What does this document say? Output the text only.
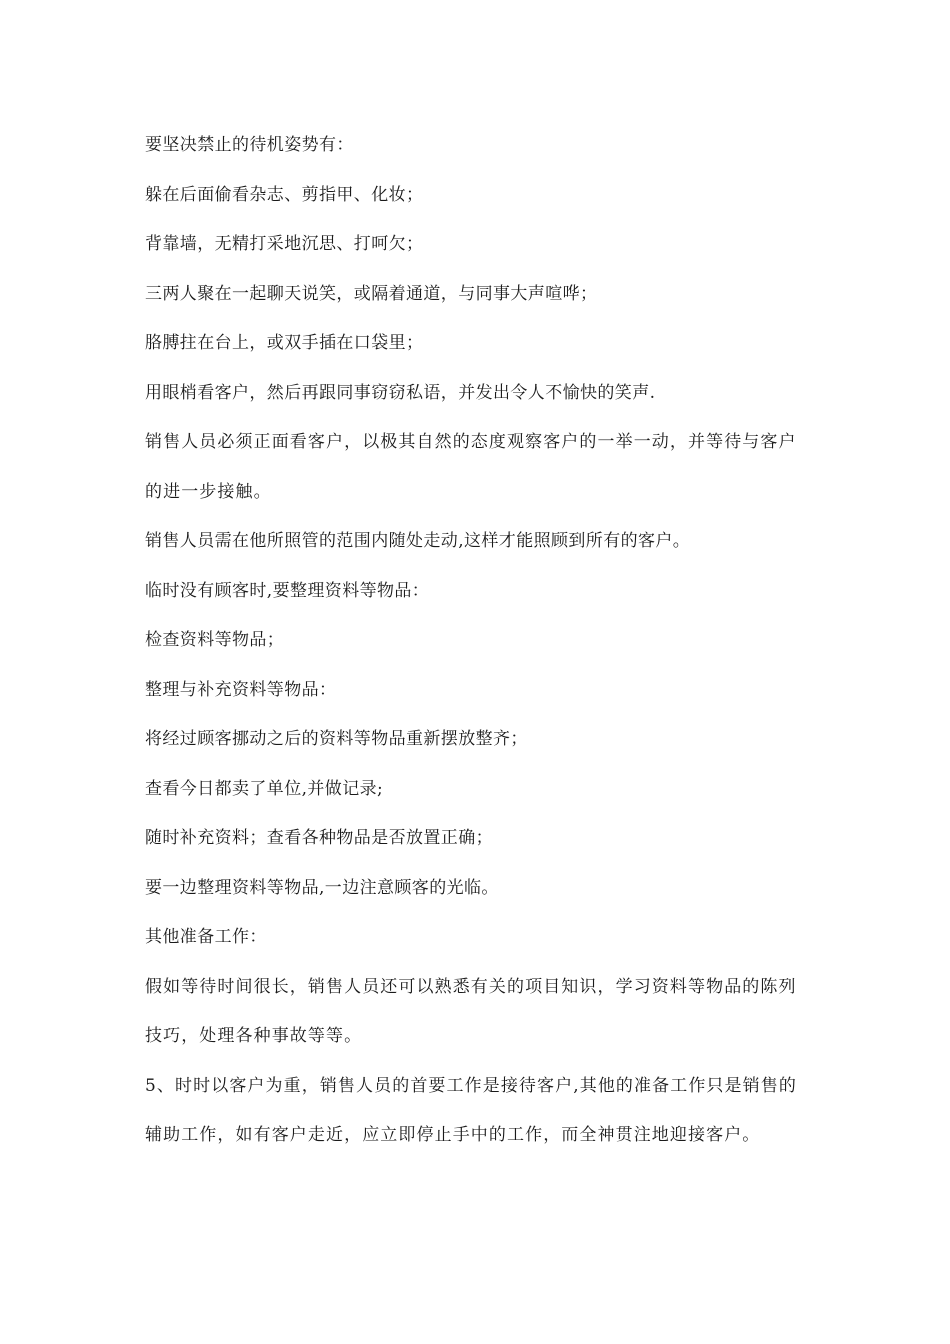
要坚决禁止的待机姿势有：

躲在后面偷看杂志、剪指甲、化妆；

背靠墙，无精打采地沉思、打呵欠；

三两人聚在一起聊天说笑，或隔着通道，与同事大声喧哗；

胳膊拄在台上，或双手插在口袋里；

用眼梢看客户，然后再跟同事窃窃私语，并发出令人不愉快的笑声.

销售人员必须正面看客户，以极其自然的态度观察客户的一举一动，并等待与客户的进一步接触。

销售人员需在他所照管的范围内随处走动,这样才能照顾到所有的客户。

临时没有顾客时,要整理资料等物品：

检查资料等物品；

整理与补充资料等物品：

将经过顾客挪动之后的资料等物品重新摆放整齐；

查看今日都卖了单位,并做记录;

随时补充资料；查看各种物品是否放置正确；

要一边整理资料等物品,一边注意顾客的光临。

其他准备工作：

假如等待时间很长，销售人员还可以熟悉有关的项目知识，学习资料等物品的陈列技巧，处理各种事故等等。

5、时时以客户为重，销售人员的首要工作是接待客户,其他的准备工作只是销售的辅助工作，如有客户走近，应立即停止手中的工作，而全神贯注地迎接客户。
